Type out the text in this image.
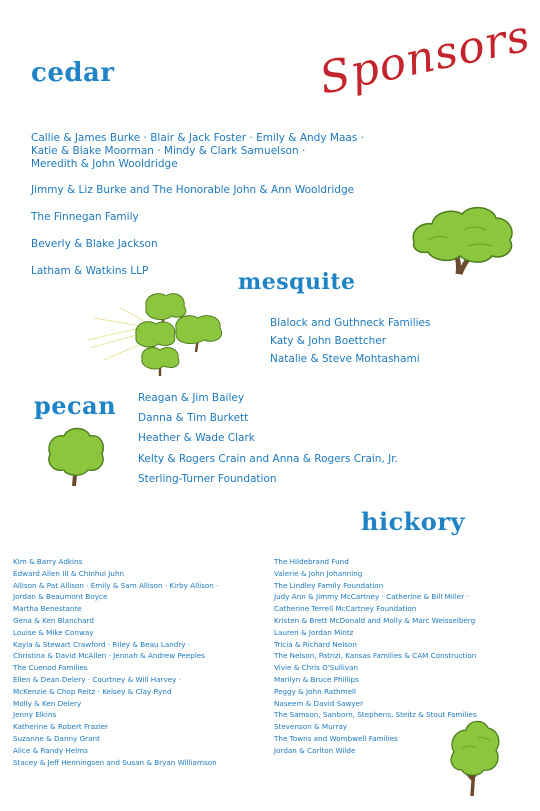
Sponsors
cedar
Callie & James Burke · Blair & Jack Foster · Emily & Andy Maas ·
Katie & Blake Moorman · Mindy & Clark Samuelson ·
Meredith & John Wooldridge
Jimmy & Liz Burke and The Honorable John & Ann Wooldridge
The Finnegan Family
Beverly & Blake Jackson
Latham & Watkins LLP	mesquite
Blalock and Guthneck Families
Katy & John Boettcher
Natalie & Steve Mohtashami
pecan Reagan & Jim Bailey
Danna & Tim Burkett
Heather & Wade Clark
Kelty & Rogers Crain and Anna & Rogers Crain, Jr.
Sterling-Turner Foundation
hickory
Kim & Barry Adkins
Edward Allen III & Chinhui Juhn
Allison & Pat Allison · Emily & Sam Allison · Kirby Allison ·
Jordan & Beaumont Boyce
Martha Benestante
Gena & Ken Blanchard
Louise & Mike Conway
Kayla & Stewart Crawford · Riley & Beau Landry ·
Christina & David McAllen · Jennah & Andrew Peeples
The Cuenod Families
Ellen & Dean Delery · Courtney & Will Harvey ·
McKenzie & Chop Reitz · Kelsey & Clay Rynd
Molly & Ken Delery
Jenny Elkins
Katherine & Robert Frazier
Suzanne & Danny Grant
Alice & Randy Helms
Stacey & Jeff Henningsen and Susan & Bryan Williamson
The Hildebrand Fund
Valerie & John Johanning
The Lindley Family Foundation
Judy Ann & Jimmy McCartney · Catherine & Bill Miller ·
Catherine Terrell McCartney Foundation
Kristen & Brett McDonald and Molly & Marc Weisselberg
Lauren & Jordan Mintz
Tricia & Richard Nelson
The Nelson, Patrizi, Kansas Families & CAM Construction
Vivie & Chris O'Sullivan
Marilyn & Bruce Phillips
Peggy & John Rathmell
Naseem & David Sawyer
The Samson, Sanborn, Stephens, Steitz & Stout Families
Stevenson & Murray
The Towns and Wombwell Families
Jordan & Carlton Wilde
